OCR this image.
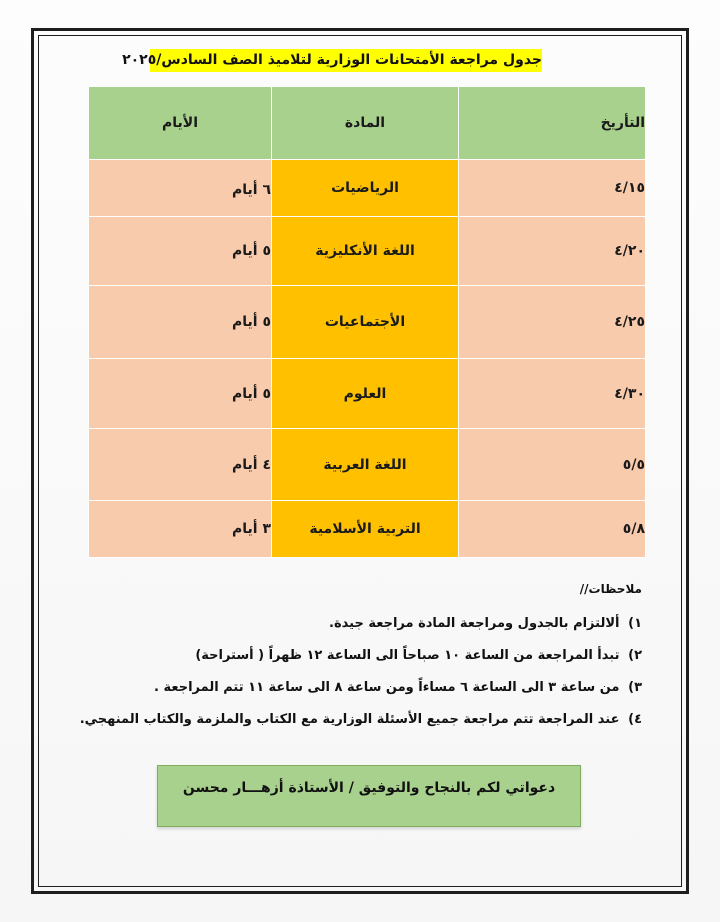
جدول مراجعة الأمتحانات الوزارية لتلاميذ الصف السادس/٢٠٢٥
التأريخ	المادة	الأيام
٤/١٥	الرياضيات	٦ أيام
٤/٢٠	اللغة الأنكليزية	٥ أيام
٤/٢٥	الأجتماعيات	٥ أيام
٤/٣٠	العلوم	٥ أيام
٥/٥	اللغة العربية	٤ أيام
٥/٨	التربية الأسلامية	٣ أيام
ملاحظات//
١) ألالتزام بالجدول ومراجعة المادة مراجعة جيدة.
٢) تبدأ المراجعة من الساعة ١٠ صباحاً الى الساعة ١٢ ظهراً ( أستراحة)
٣) من ساعة ٣ الى الساعة ٦ مساءاً ومن ساعة ٨ الى ساعة ١١ تتم المراجعة .
٤) عند المراجعة تتم مراجعة جميع الأسئلة الوزارية مع الكتاب والملزمة والكتاب المنهجي.
دعواتي لكم بالنجاح والتوفيق / الأستاذة أزهـــار محسن
